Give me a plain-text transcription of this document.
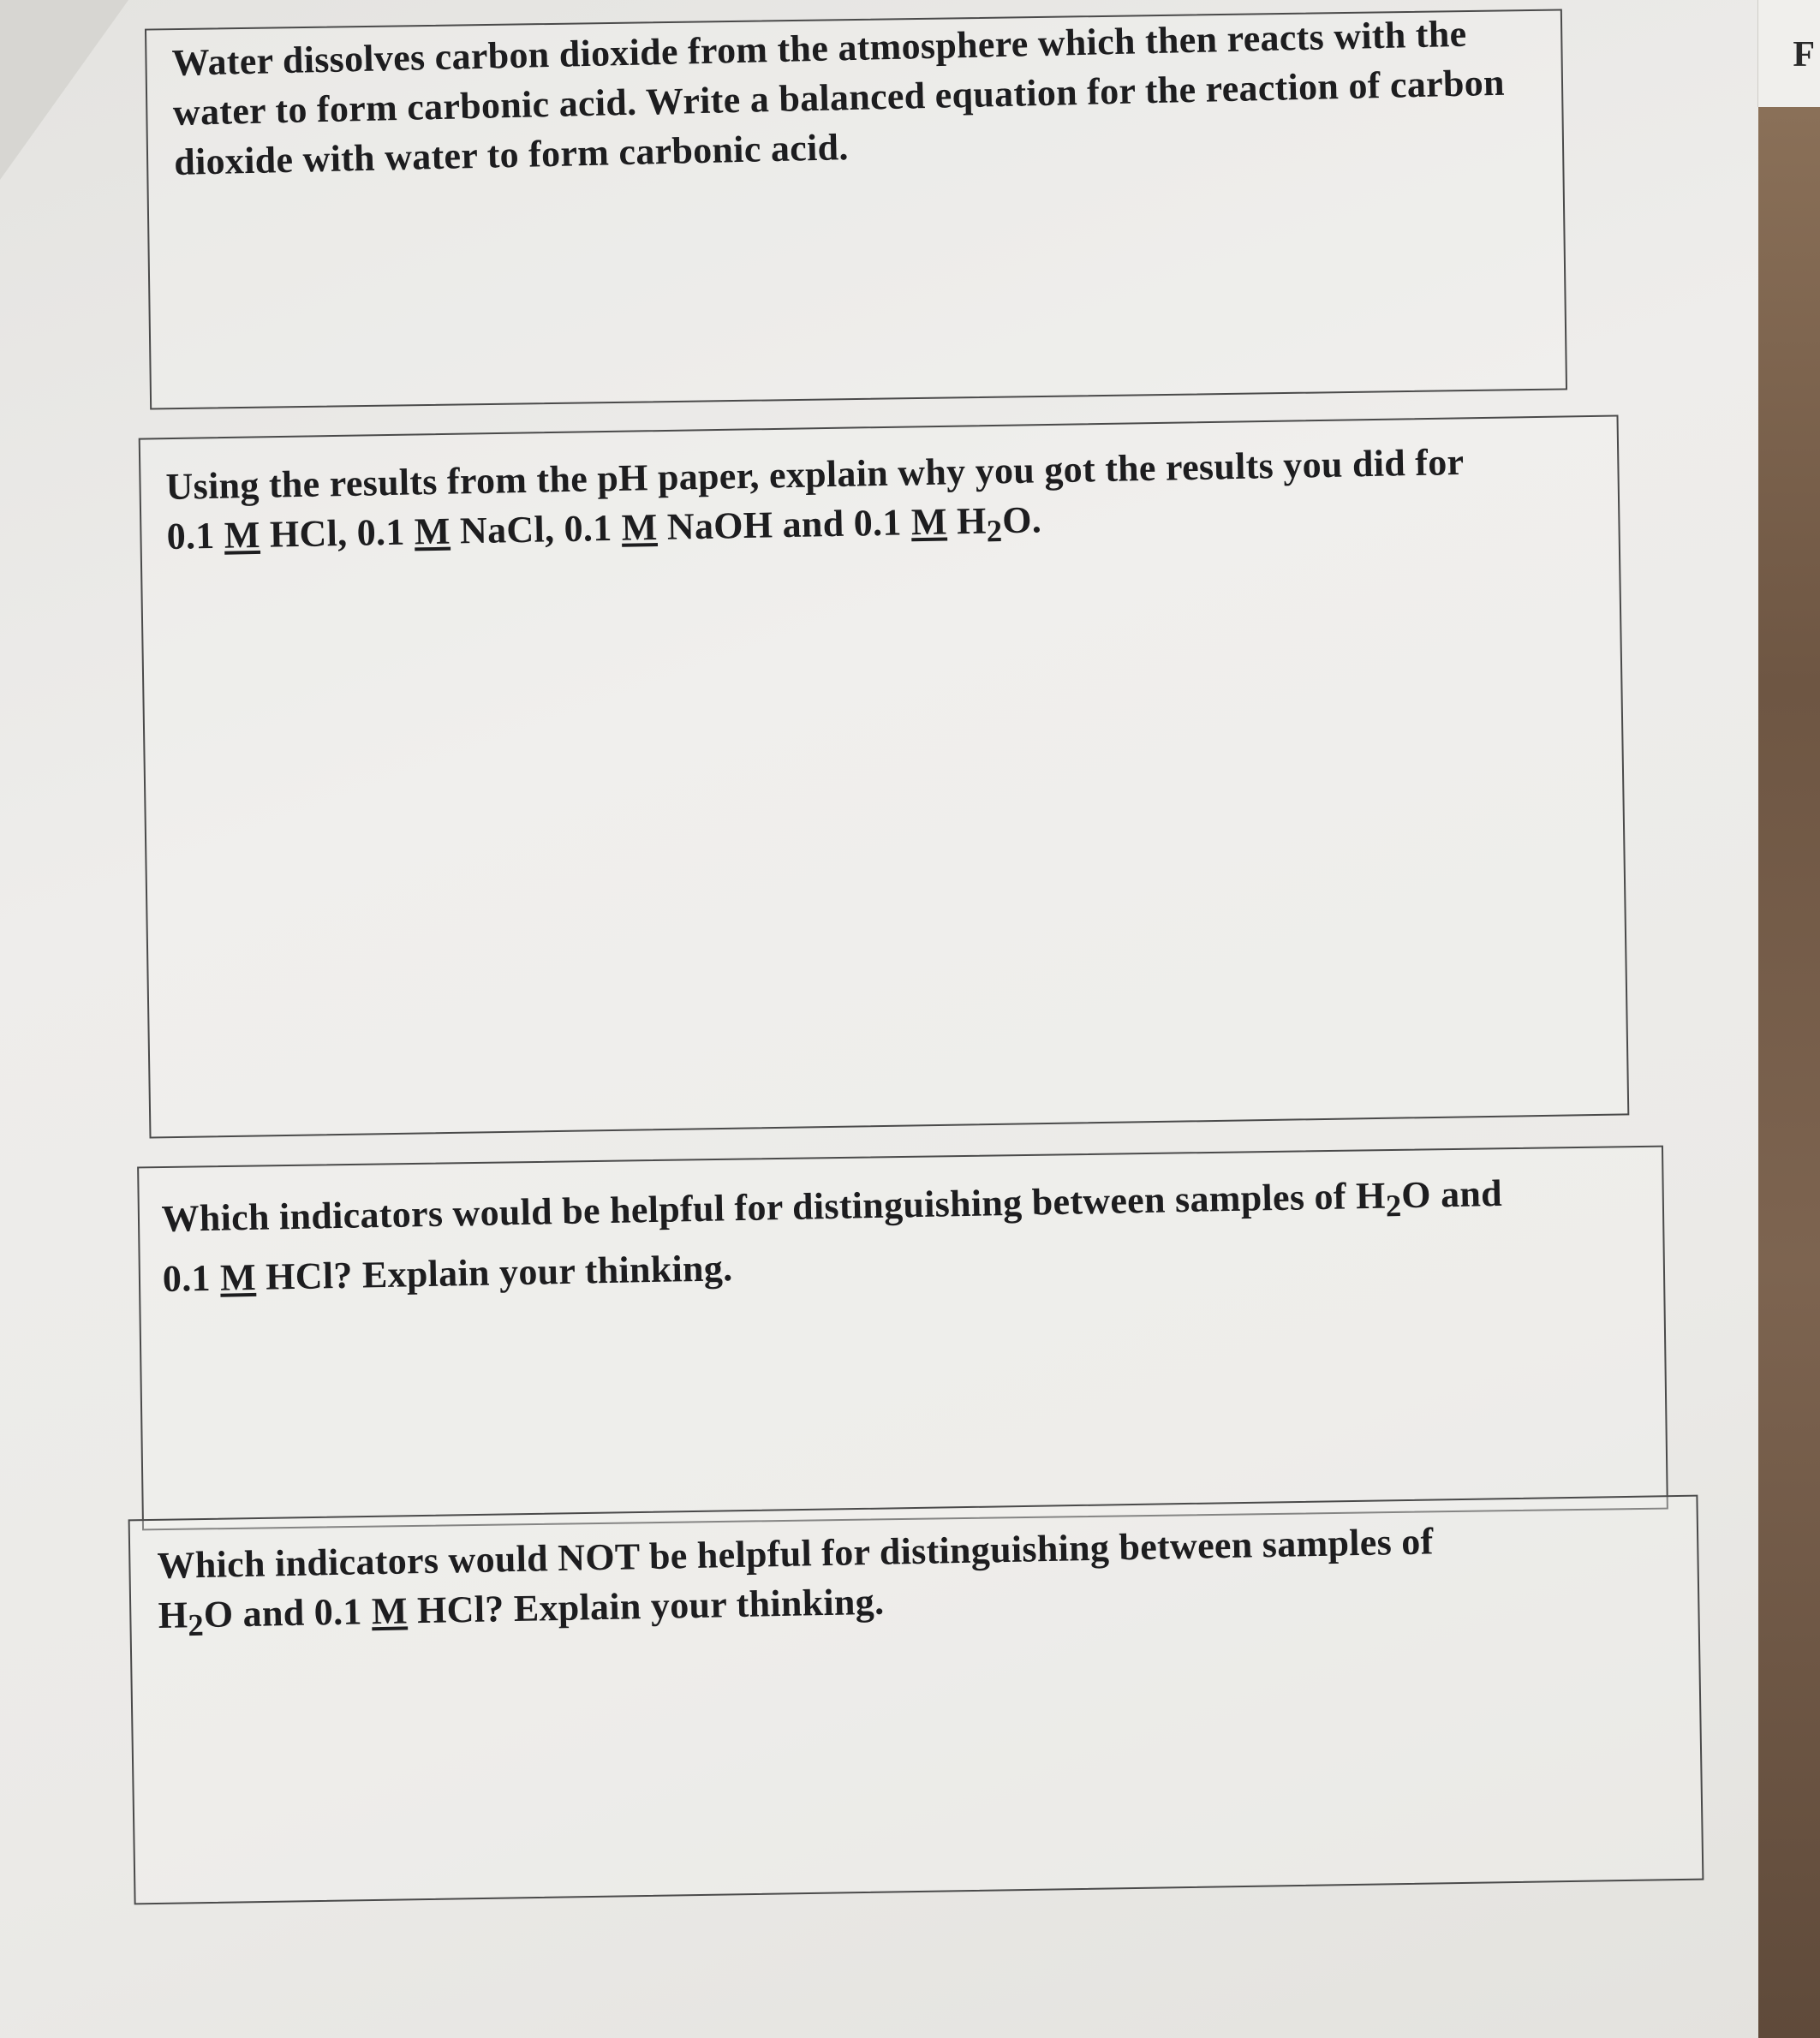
F

Water dissolves carbon dioxide from the atmosphere which then reacts with the water to form carbonic acid. Write a balanced equation for the reaction of carbon dioxide with water to form carbonic acid.

Using the results from the pH paper, explain why you got the results you did for
0.1 M HCl, 0.1 M NaCl, 0.1 M NaOH and 0.1 M $H_2O$.

Which indicators would be helpful for distinguishing between samples of $H_2O$ and
0.1 M HCl? Explain your thinking.

Which indicators would NOT be helpful for distinguishing between samples of
$H_2O$ and 0.1 M HCl? Explain your thinking.
